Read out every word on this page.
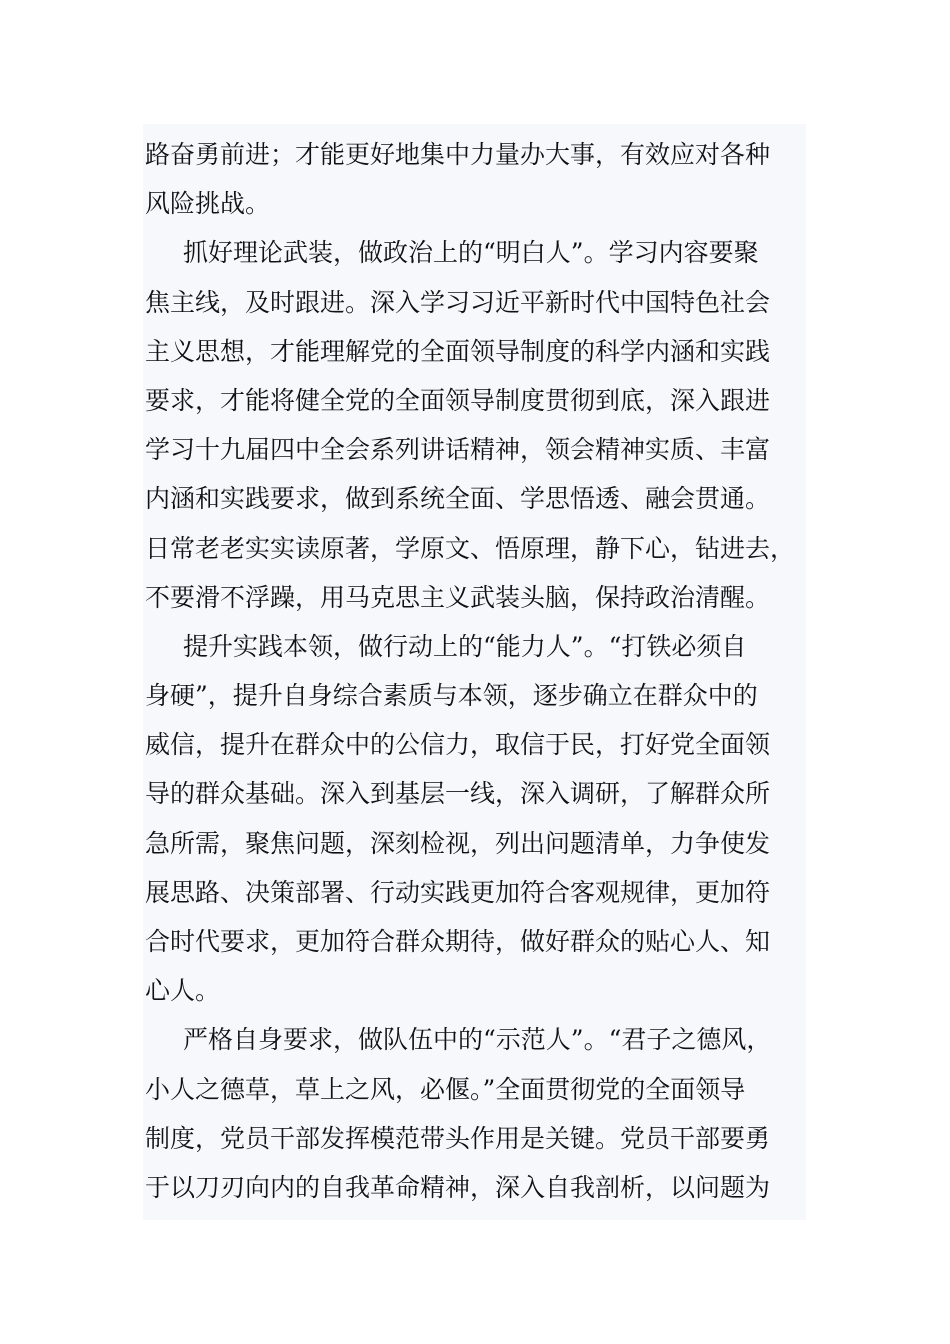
路奋勇前进；才能更好地集中力量办大事，有效应对各种
风险挑战。
抓好理论武装，做政治上的“明白人”。学习内容要聚
焦主线，及时跟进。深入学习习近平新时代中国特色社会
主义思想，才能理解党的全面领导制度的科学内涵和实践
要求，才能将健全党的全面领导制度贯彻到底，深入跟进
学习十九届四中全会系列讲话精神，领会精神实质、丰富
内涵和实践要求，做到系统全面、学思悟透、融会贯通。
日常老老实实读原著，学原文、悟原理，静下心，钻进去，
不要滑不浮躁，用马克思主义武装头脑，保持政治清醒。
提升实践本领，做行动上的“能力人”。“打铁必须自
身硬”，提升自身综合素质与本领，逐步确立在群众中的
威信，提升在群众中的公信力，取信于民，打好党全面领
导的群众基础。深入到基层一线，深入调研，了解群众所
急所需，聚焦问题，深刻检视，列出问题清单，力争使发
展思路、决策部署、行动实践更加符合客观规律，更加符
合时代要求，更加符合群众期待，做好群众的贴心人、知
心人。
严格自身要求，做队伍中的“示范人”。“君子之德风，
小人之德草，草上之风，必偃。”全面贯彻党的全面领导
制度，党员干部发挥模范带头作用是关键。党员干部要勇
于以刀刃向内的自我革命精神，深入自我剖析，以问题为
